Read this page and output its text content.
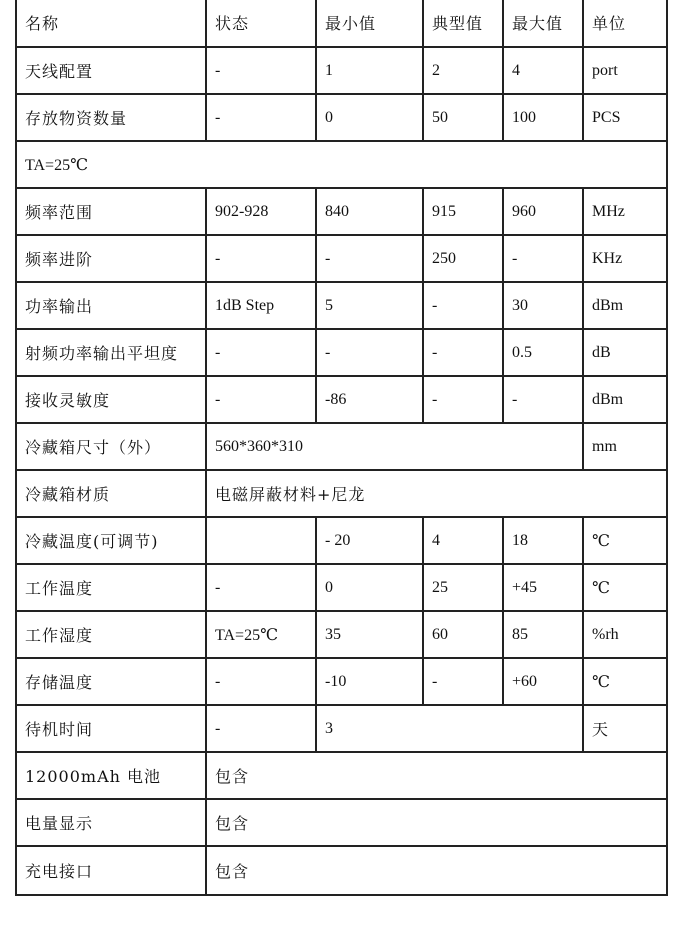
名称	状态	最小值	典型值	最大值	单位
天线配置	-	1	2	4	port
存放物资数量	-	0	50	100	PCS
TA=25℃					
频率范围	902-928	840	915	960	MHz
频率进阶	-	-	250	-	KHz
功率输出	1dB Step	5	-	30	dBm
射频功率输出平坦度	-	-	-	0.5	dB
接收灵敏度	-	-86	-	-	dBm
冷藏箱尺寸（外）	560*360*310				mm
冷藏箱材质	电磁屏蔽材料+尼龙				
冷藏温度(可调节)		- 20	4	18	℃
工作温度	-	0	25	+45	℃
工作湿度	TA=25℃	35	60	85	%rh
存储温度	-	-10	-	+60	℃
待机时间	-	3			天
12000mAh 电池	包含				
电量显示	包含				
充电接口	包含				
